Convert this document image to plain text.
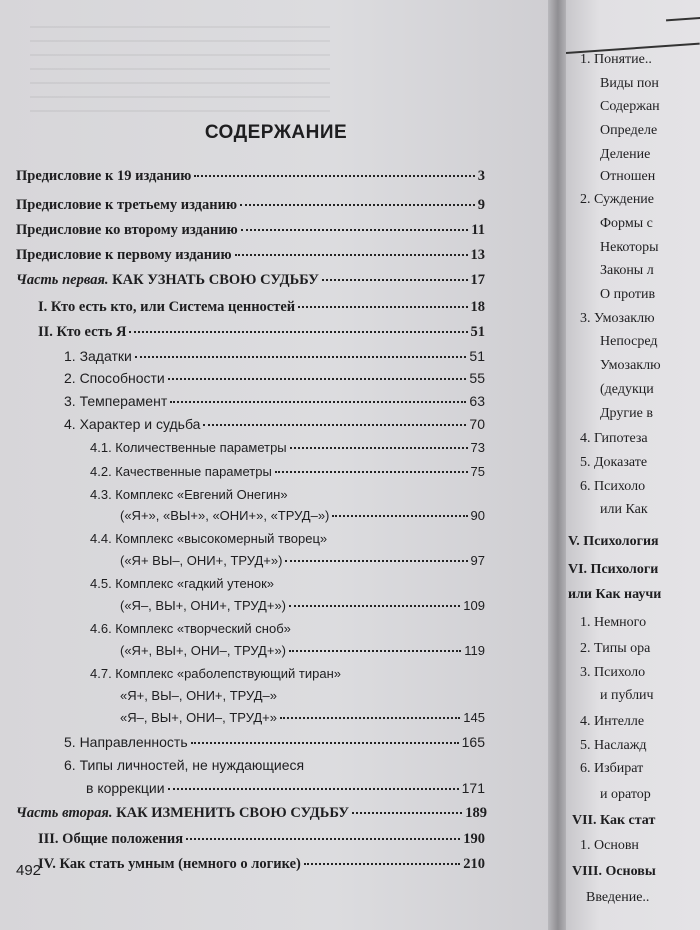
СОДЕРЖАНИЕ
Предисловие к 19 изданию	3
Предисловие к третьему изданию	9
Предисловие ко второму изданию	11
Предисловие к первому изданию	13
Часть первая. КАК УЗНАТЬ СВОЮ СУДЬБУ	17
I. Кто есть кто, или Система ценностей	18
II. Кто есть Я	51
1. Задатки	51
2. Способности	55
3. Темперамент	63
4. Характер и судьба	70
4.1. Количественные параметры	73
4.2. Качественные параметры	75
4.3. Комплекс «Евгений Онегин»
(«Я+», «ВЫ+», «ОНИ+», «ТРУД–»)	90
4.4. Комплекс «высокомерный творец»
(«Я+ ВЫ–, ОНИ+, ТРУД+»)	97
4.5. Комплекс «гадкий утенок»
(«Я–, ВЫ+, ОНИ+, ТРУД+»)	109
4.6. Комплекс «творческий сноб»
(«Я+, ВЫ+, ОНИ–, ТРУД+»)	119
4.7. Комплекс «раболепствующий тиран»
«Я+, ВЫ–, ОНИ+, ТРУД–»
«Я–, ВЫ+, ОНИ–, ТРУД+»	145
5. Направленность	165
6. Типы личностей, не нуждающиеся
в коррекции	171
Часть вторая. КАК ИЗМЕНИТЬ СВОЮ СУДЬБУ	189
III. Общие положения	190
IV. Как стать умным (немного о логике)	210
492
1. Понятие..
Виды пон
Содержан
Определе
Деление
Отношен
2. Суждение
Формы с
Некоторы
Законы л
О против
3. Умозаклю
Непосред
Умозаклю
(дедукци
Другие в
4. Гипотеза
5. Доказате
6. Психоло
или Как
V. Психология
VI. Психологи
или Как научи
1. Немного
2. Типы ора
3. Психоло
и публич
4. Интелле
5. Наслажд
6. Избират
и оратор
VII. Как стат
1. Основн
VIII. Основы
Введение..
